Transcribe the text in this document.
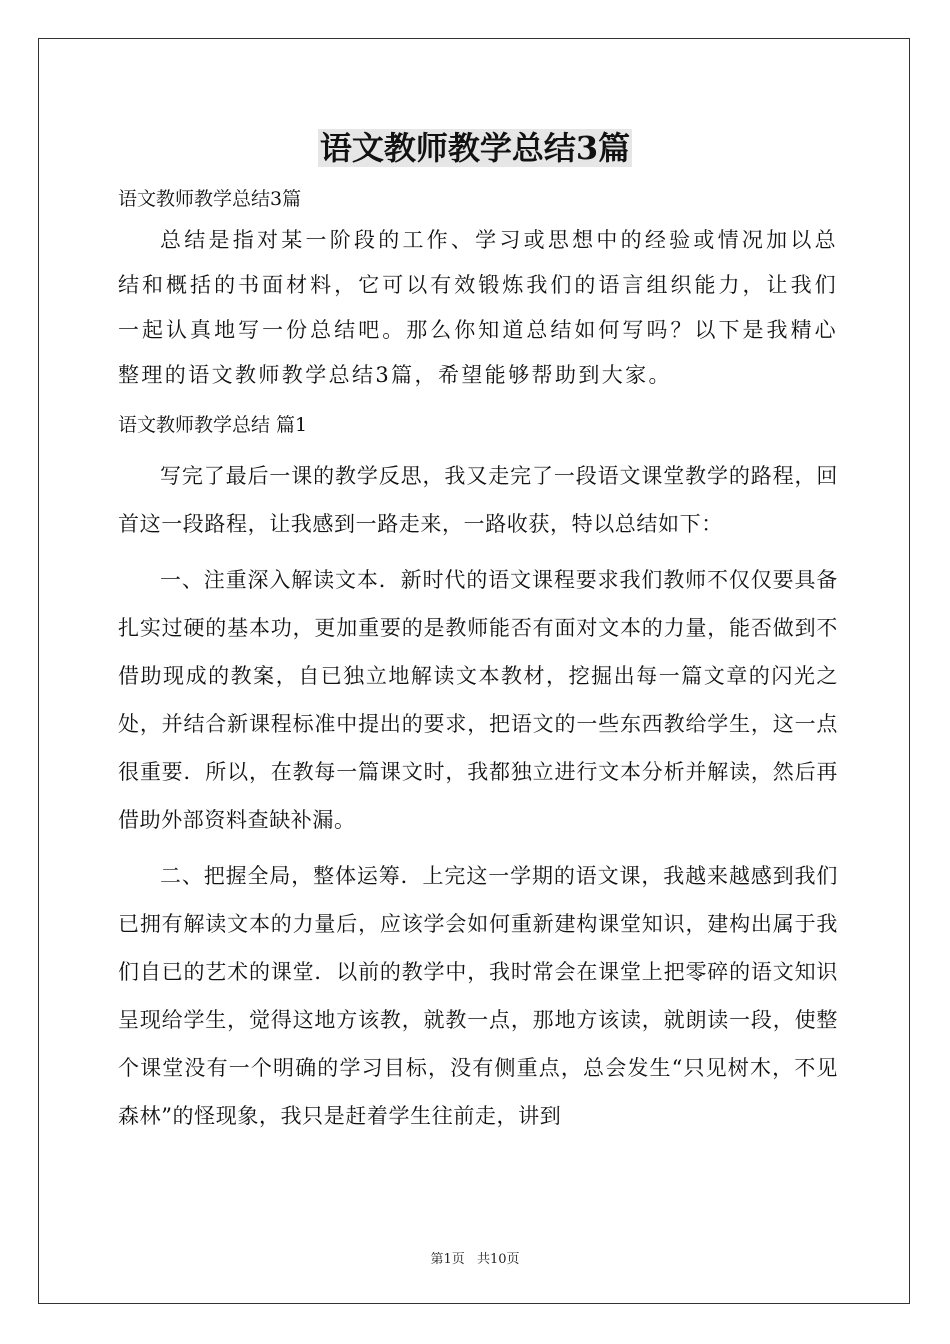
语文教师教学总结3篇

语文教师教学总结3篇

总结是指对某一阶段的工作、学习或思想中的经验或情况加以总结和概括的书面材料，它可以有效锻炼我们的语言组织能力，让我们一起认真地写一份总结吧。那么你知道总结如何写吗？以下是我精心整理的语文教师教学总结3篇，希望能够帮助到大家。

语文教师教学总结 篇1

写完了最后一课的教学反思，我又走完了一段语文课堂教学的路程，回首这一段路程，让我感到一路走来，一路收获，特以总结如下：

一、注重深入解读文本．新时代的语文课程要求我们教师不仅仅要具备扎实过硬的基本功，更加重要的是教师能否有面对文本的力量，能否做到不借助现成的教案，自已独立地解读文本教材，挖掘出每一篇文章的闪光之处，并结合新课程标准中提出的要求，把语文的一些东西教给学生，这一点很重要．所以，在教每一篇课文时，我都独立进行文本分析并解读，然后再借助外部资料查缺补漏。

二、把握全局，整体运筹．上完这一学期的语文课，我越来越感到我们已拥有解读文本的力量后，应该学会如何重新建构课堂知识，建构出属于我们自已的艺术的课堂．以前的教学中，我时常会在课堂上把零碎的语文知识呈现给学生，觉得这地方该教，就教一点，那地方该读，就朗读一段，使整个课堂没有一个明确的学习目标，没有侧重点，总会发生“只见树木，不见森林”的怪现象，我只是赶着学生往前走，讲到

第1页 共10页
